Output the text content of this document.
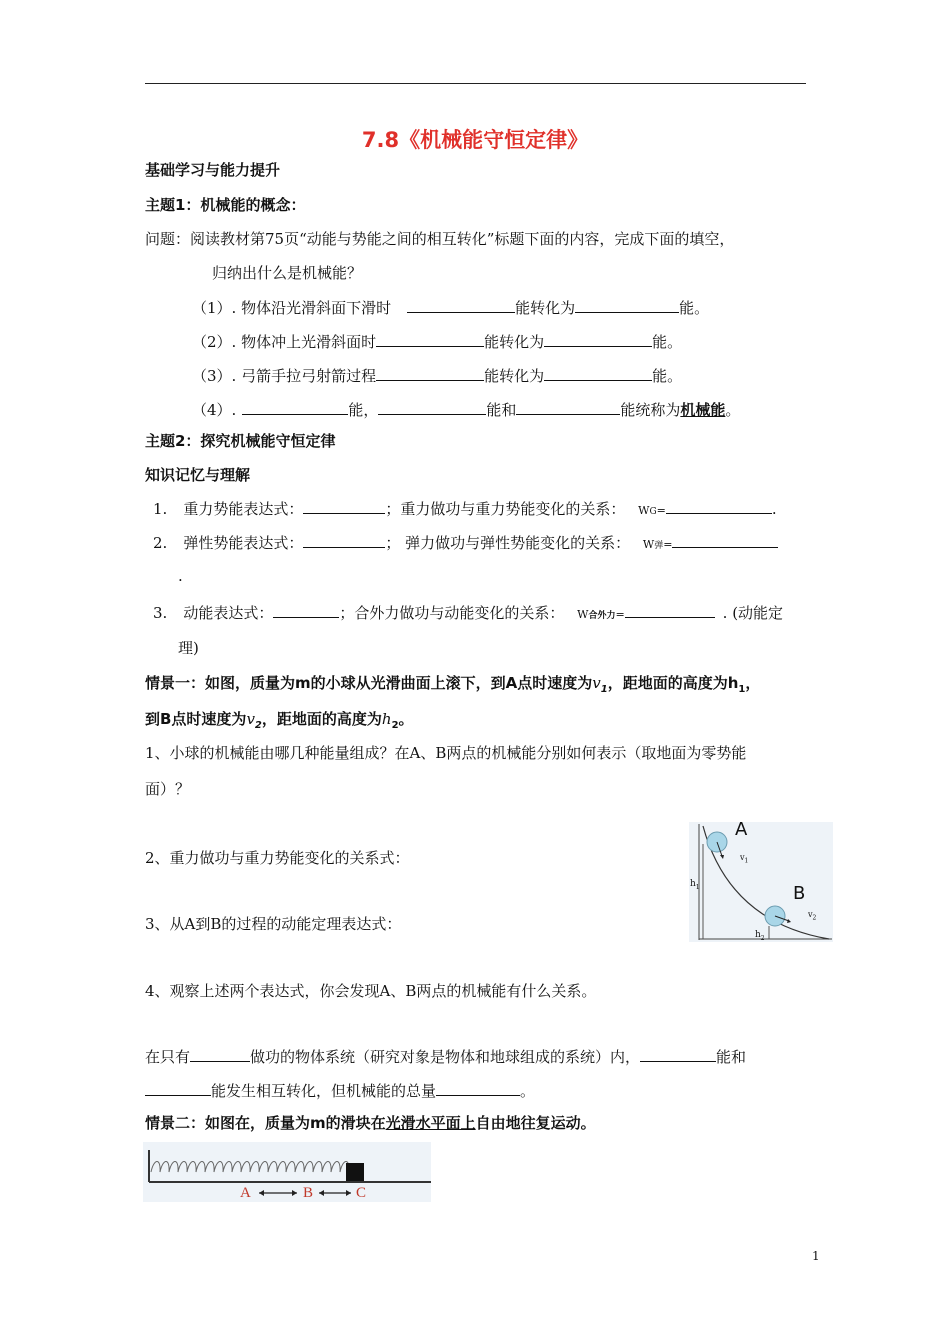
7.8《机械能守恒定律》
基础学习与能力提升
主题1：机械能的概念：
问题：阅读教材第75页“动能与势能之间的相互转化”标题下面的内容，完成下面的填空，
归纳出什么是机械能？
（1）. 物体沿光滑斜面下滑时	能转化为	能。
（2）. 物体冲上光滑斜面时	能转化为	能。
（3）. 弓箭手拉弓射箭过程	能转化为	能。
（4）.	能，	能和	能统称为机械能。
主题2：探究机械能守恒定律
知识记忆与理解
1. 重力势能表达式：	；重力做功与重力势能变化的关系： WG=	.
2. 弹性势能表达式：	； 弹力做功与弹性势能变化的关系： W弹=
.
3. 动能表达式：	；合外力做功与动能变化的关系： W合外力=	. (动能定
理)
情景一：如图，质量为m的小球从光滑曲面上滚下，到A点时速度为$v_1$，距地面的高度为$h_1$，
到B点时速度为$v_2$，距地面的高度为$h_2$。
1、小球的机械能由哪几种能量组成？在A、B两点的机械能分别如何表示（取地面为零势能
面）？
2、重力做功与重力势能变化的关系式：
3、从A到B的过程的动能定理表达式：
4、观察上述两个表达式，你会发现A、B两点的机械能有什么关系。
A
B
$v_1$
$v_2$
$h_1$
$h_2$
在只有	做功的物体系统（研究对象是物体和地球组成的系统）内，	能和
能发生相互转化，但机械能的总量	。
情景二：如图在，质量为m的滑块在光滑水平面上自由地往复运动。
A	B	C
1
